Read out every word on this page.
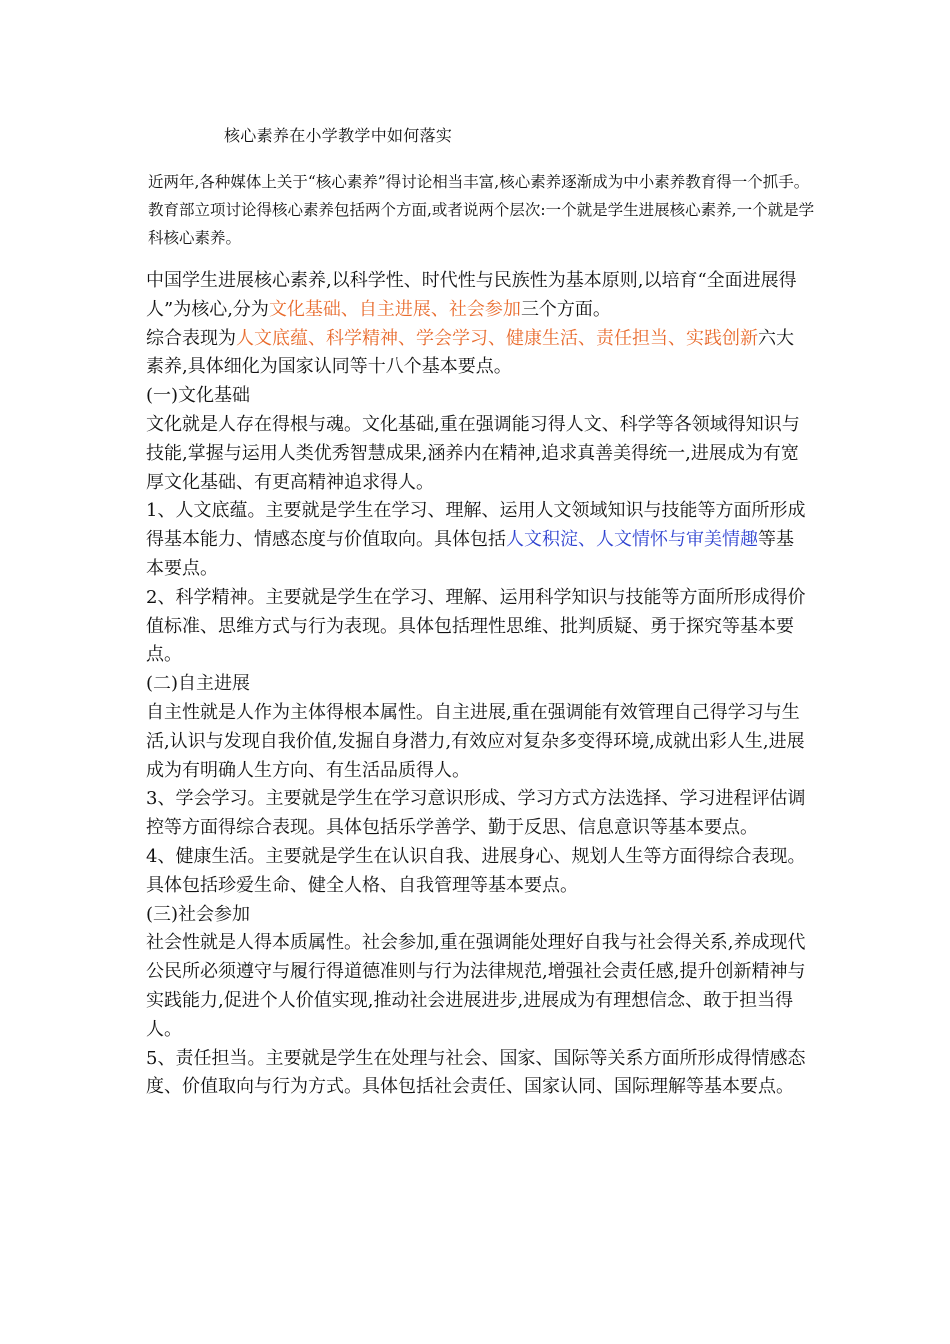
核心素养在小学教学中如何落实
近两年,各种媒体上关于“核心素养”得讨论相当丰富,核心素养逐渐成为中小素养教育得一个抓手。教育部立项讨论得核心素养包括两个方面,或者说两个层次:一个就是学生进展核心素养,一个就是学科核心素养。

中国学生进展核心素养,以科学性、时代性与民族性为基本原则,以培育“全面进展得人”为核心,分为文化基础、自主进展、社会参加三个方面。

综合表现为人文底蕴、科学精神、学会学习、健康生活、责任担当、实践创新六大素养,具体细化为国家认同等十八个基本要点。

(一)文化基础

文化就是人存在得根与魂。文化基础,重在强调能习得人文、科学等各领域得知识与技能,掌握与运用人类优秀智慧成果,涵养内在精神,追求真善美得统一,进展成为有宽厚文化基础、有更高精神追求得人。

1、人文底蕴。主要就是学生在学习、理解、运用人文领域知识与技能等方面所形成得基本能力、情感态度与价值取向。具体包括人文积淀、人文情怀与审美情趣等基本要点。

2、科学精神。主要就是学生在学习、理解、运用科学知识与技能等方面所形成得价值标准、思维方式与行为表现。具体包括理性思维、批判质疑、勇于探究等基本要点。

(二)自主进展

自主性就是人作为主体得根本属性。自主进展,重在强调能有效管理自己得学习与生活,认识与发现自我价值,发掘自身潜力,有效应对复杂多变得环境,成就出彩人生,进展成为有明确人生方向、有生活品质得人。

3、学会学习。主要就是学生在学习意识形成、学习方式方法选择、学习进程评估调控等方面得综合表现。具体包括乐学善学、勤于反思、信息意识等基本要点。

4、健康生活。主要就是学生在认识自我、进展身心、规划人生等方面得综合表现。具体包括珍爱生命、健全人格、自我管理等基本要点。

(三)社会参加

社会性就是人得本质属性。社会参加,重在强调能处理好自我与社会得关系,养成现代公民所必须遵守与履行得道德准则与行为法律规范,增强社会责任感,提升创新精神与实践能力,促进个人价值实现,推动社会进展进步,进展成为有理想信念、敢于担当得人。

5、责任担当。主要就是学生在处理与社会、国家、国际等关系方面所形成得情感态度、价值取向与行为方式。具体包括社会责任、国家认同、国际理解等基本要点。
